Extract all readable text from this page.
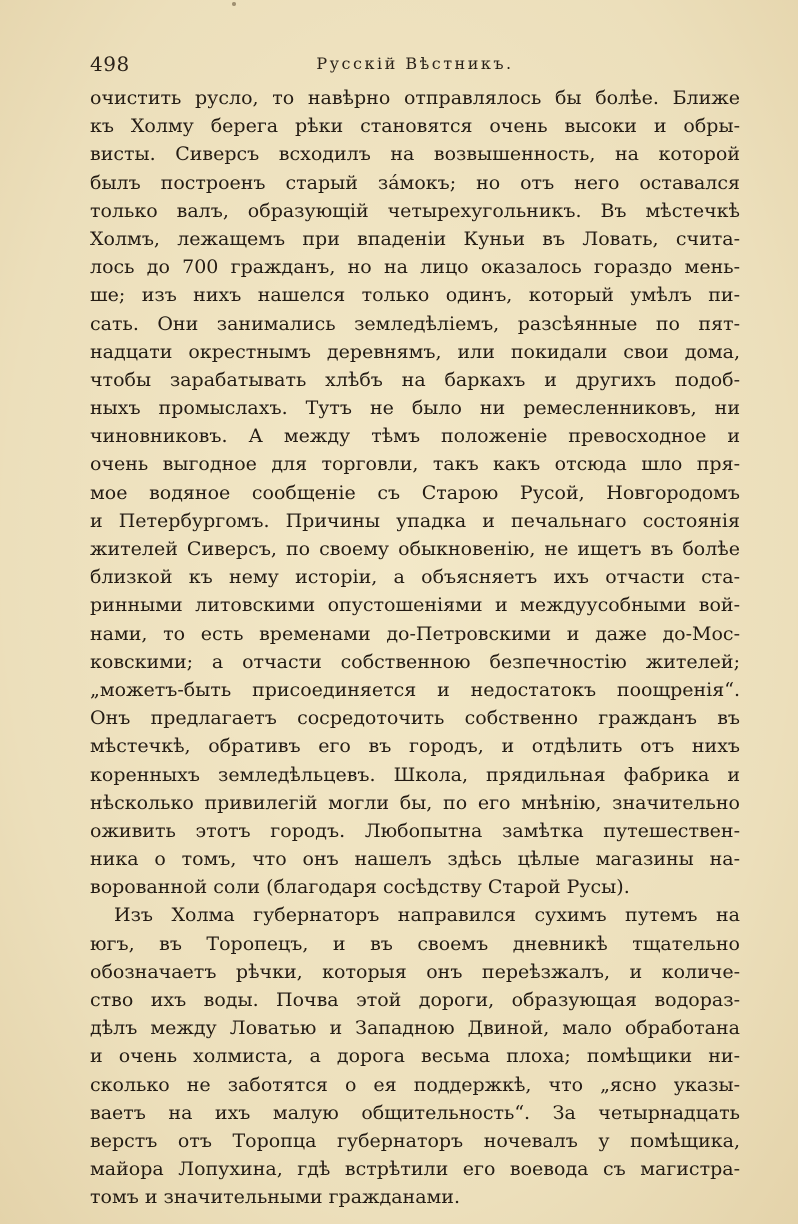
498	Русскій Вѣстникъ.
очистить русло, то навѣрно отправлялось бы болѣе. Ближе
къ Холму берега рѣки становятся очень высоки и обры-
висты. Сиверсъ всходилъ на возвышенность, на которой
былъ построенъ старый зáмокъ; но отъ него оставался
только валъ, образующій четырехугольникъ. Въ мѣстечкѣ
Холмъ, лежащемъ при впаденіи Куньи въ Ловать, счита-
лось до 700 гражданъ, но на лицо оказалось гораздо мень-
ше; изъ нихъ нашелся только одинъ, который умѣлъ пи-
сать. Они занимались земледѣліемъ, разсѣянные по пят-
надцати окрестнымъ деревнямъ, или покидали свои дома,
чтобы зарабатывать хлѣбъ на баркахъ и другихъ подоб-
ныхъ промыслахъ. Тутъ не было ни ремесленниковъ, ни
чиновниковъ. А между тѣмъ положеніе превосходное и
очень выгодное для торговли, такъ какъ отсюда шло пря-
мое водяное сообщеніе съ Старою Русой, Новгородомъ
и Петербургомъ. Причины упадка и печальнаго состоянія
жителей Сиверсъ, по своему обыкновенію, не ищетъ въ болѣе
близкой къ нему исторіи, а объясняетъ ихъ отчасти ста-
ринными литовскими опустошеніями и междуусобными вой-
нами, то есть временами до-Петровскими и даже до-Мос-
ковскими; а отчасти собственною безпечностію жителей;
„можетъ-быть присоединяется и недостатокъ поощренія“.
Онъ предлагаетъ сосредоточить собственно гражданъ въ
мѣстечкѣ, обративъ его въ городъ, и отдѣлить отъ нихъ
коренныхъ земледѣльцевъ. Школа, прядильная фабрика и
нѣсколько привилегій могли бы, по его мнѣнію, значительно
оживить этотъ городъ. Любопытна замѣтка путешествен-
ника о томъ, что онъ нашелъ здѣсь цѣлые магазины на-
ворованной соли (благодаря сосѣдству Старой Русы).
Изъ Холма губернаторъ направился сухимъ путемъ на
югъ, въ Торопецъ, и въ своемъ дневникѣ тщательно
обозначаетъ рѣчки, которыя онъ переѣзжалъ, и количе-
ство ихъ воды. Почва этой дороги, образующая водораз-
дѣлъ между Ловатью и Западною Двиной, мало обработана
и очень холмиста, а дорога весьма плоха; помѣщики ни-
сколько не заботятся о ея поддержкѣ, что „ясно указы-
ваетъ на ихъ малую общительность“. За четырнадцать
верстъ отъ Торопца губернаторъ ночевалъ у помѣщика,
майора Лопухина, гдѣ встрѣтили его воевода съ магистра-
томъ и значительными гражданами.
